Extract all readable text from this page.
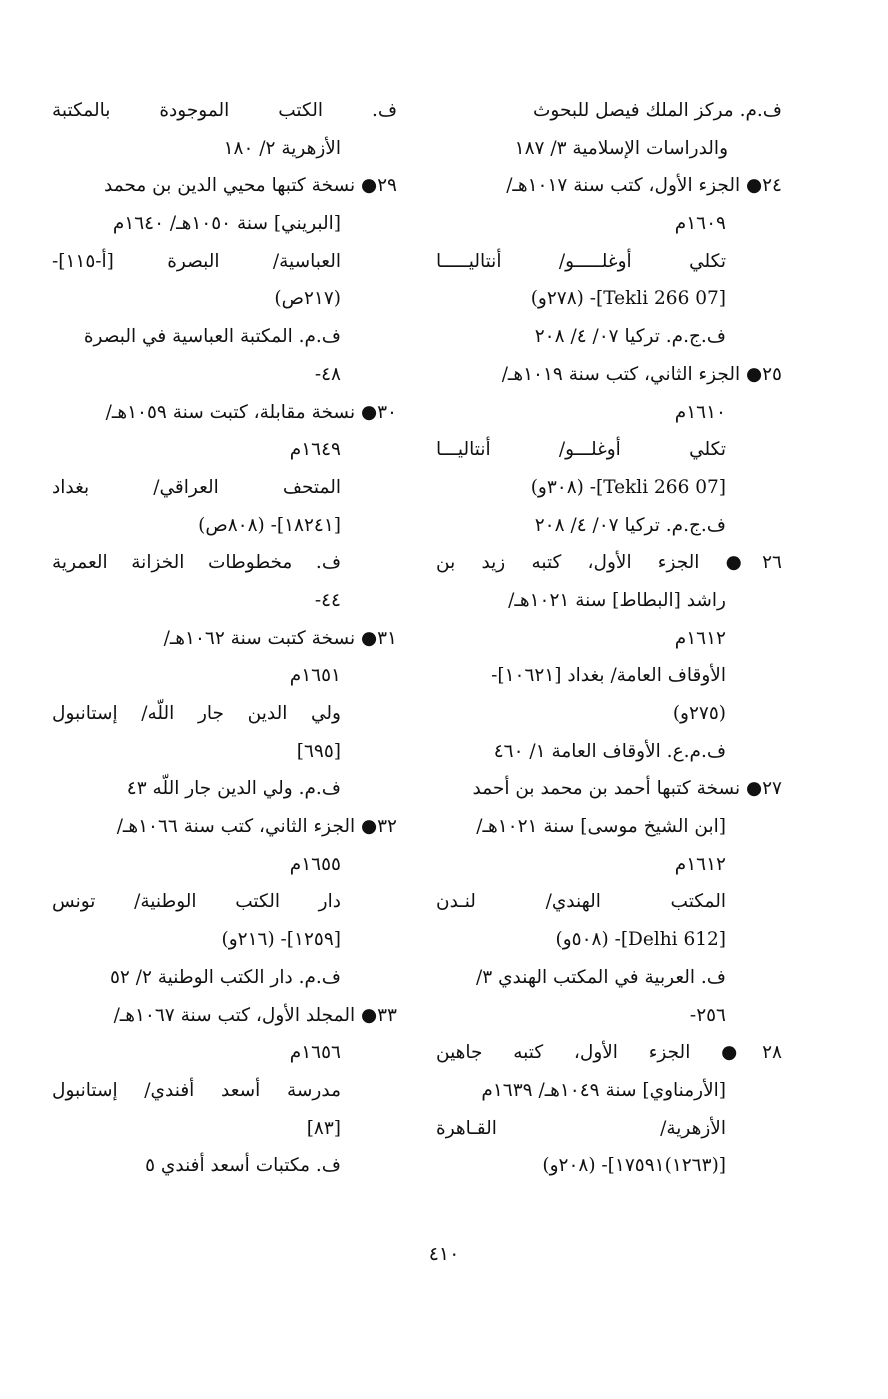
ف.م. مركز الملك فيصل للبحوث
والدراسات الإسلامية ٣/ ١٨٧
٢٤● الجزء الأول، كتب سنة ١٠١٧هـ/
١٦٠٩م
تكلي أوغلـــــو/ أنتاليـــــا
[07 Tekli 266]- (٢٧٨و)
ف.ج.م. تركيا ٠٧/ ٤/ ٢٠٨
٢٥● الجزء الثاني، كتب سنة ١٠١٩هـ/
١٦١٠م
تكلي أوغلـــو/ أنتاليـــا
[07 Tekli 266]- (٣٠٨و)
ف.ج.م. تركيا ٠٧/ ٤/ ٢٠٨
٢٦● الجزء الأول، كتبه زيد بن
راشد [البطاط] سنة ١٠٢١هـ/
١٦١٢م
الأوقاف العامة/ بغداد [١٠٦٢١]-
(٢٧٥و)
ف.م.ع. الأوقاف العامة ١/ ٤٦٠
٢٧● نسخة كتبها أحمد بن محمد بن أحمد
[ابن الشيخ موسى] سنة ١٠٢١هـ/
١٦١٢م
المكتب الهندي/ لنـدن
[Delhi 612]- (٥٠٨و)
ف. العربية في المكتب الهندي ٣/
٢٥٦-
٢٨● الجزء الأول، كتبه جاهين
[الأرمناوي] سنة ١٠٤٩هـ/ ١٦٣٩م
الأزهرية/ القـاهرة
[(١٢٦٣)١٧٥٩١]- (٢٠٨و)
ف. الكتب الموجودة بالمكتبة
الأزهرية ٢/ ١٨٠
٢٩● نسخة كتبها محيي الدين بن محمد
[البريني] سنة ١٠٥٠هـ/ ١٦٤٠م
العباسية/ البصرة [أ-١١٥]-
(٢١٧ص)
ف.م. المكتبة العباسية في البصرة
٤٨-
٣٠● نسخة مقابلة، كتبت سنة ١٠٥٩هـ/
١٦٤٩م
المتحف العراقي/ بغداد
[١٨٢٤١]- (٨٠٨ص)
ف. مخطوطات الخزانة العمرية
٤٤-
٣١● نسخة كتبت سنة ١٠٦٢هـ/
١٦٥١م
ولي الدين جار اللّه/ إستانبول
[٦٩٥]
ف.م. ولي الدين جار اللّه ٤٣
٣٢● الجزء الثاني، كتب سنة ١٠٦٦هـ/
١٦٥٥م
دار الكتب الوطنية/ تونس
[١٢٥٩]- (٢١٦و)
ف.م. دار الكتب الوطنية ٢/ ٥٢
٣٣● المجلد الأول، كتب سنة ١٠٦٧هـ/
١٦٥٦م
مدرسة أسعد أفندي/ إستانبول
[٨٣]
ف. مكتبات أسعد أفندي ٥
٤١٠
